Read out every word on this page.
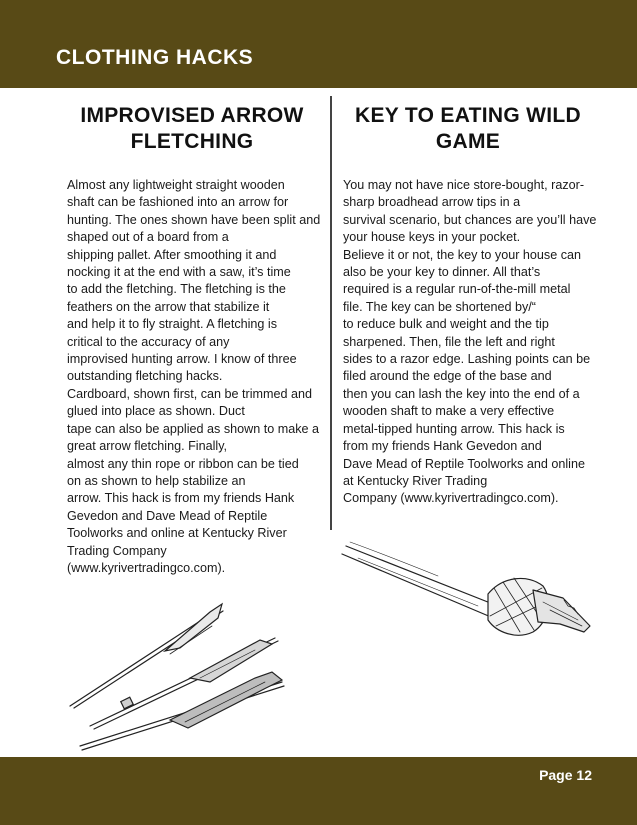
CLOTHING HACKS
IMPROVISED ARROW
FLETCHING
KEY TO EATING WILD
GAME
Almost any lightweight straight wooden
shaft can be fashioned into an arrow for
hunting. The ones shown have been split and
shaped out of a board from a
shipping pallet. After smoothing it and
nocking it at the end with a saw, it’s time
to add the fletching. The fletching is the
feathers on the arrow that stabilize it
and help it to fly straight. A fletching is
critical to the accuracy of any
improvised hunting arrow. I know of three
outstanding fletching hacks.
Cardboard, shown first, can be trimmed and
glued into place as shown. Duct
tape can also be applied as shown to make a
great arrow fletching. Finally,
almost any thin rope or ribbon can be tied
on as shown to help stabilize an
arrow. This hack is from my friends Hank
Gevedon and Dave Mead of Reptile
Toolworks and online at Kentucky River
Trading Company
(www.kyrivertradingco.com).
You may not have nice store-bought, razor-
sharp broadhead arrow tips in a
survival scenario, but chances are you’ll have
your house keys in your pocket.
Believe it or not, the key to your house can
also be your key to dinner. All that’s
required is a regular run-of-the-mill metal
file. The key can be shortened by/“
to reduce bulk and weight and the tip
sharpened. Then, file the left and right
sides to a razor edge. Lashing points can be
filed around the edge of the base and
then you can lash the key into the end of a
wooden shaft to make a very effective
metal-tipped hunting arrow. This hack is
from my friends Hank Gevedon and
Dave Mead of Reptile Toolworks and online
at Kentucky River Trading
Company (www.kyrivertradingco.com).
Page 12
